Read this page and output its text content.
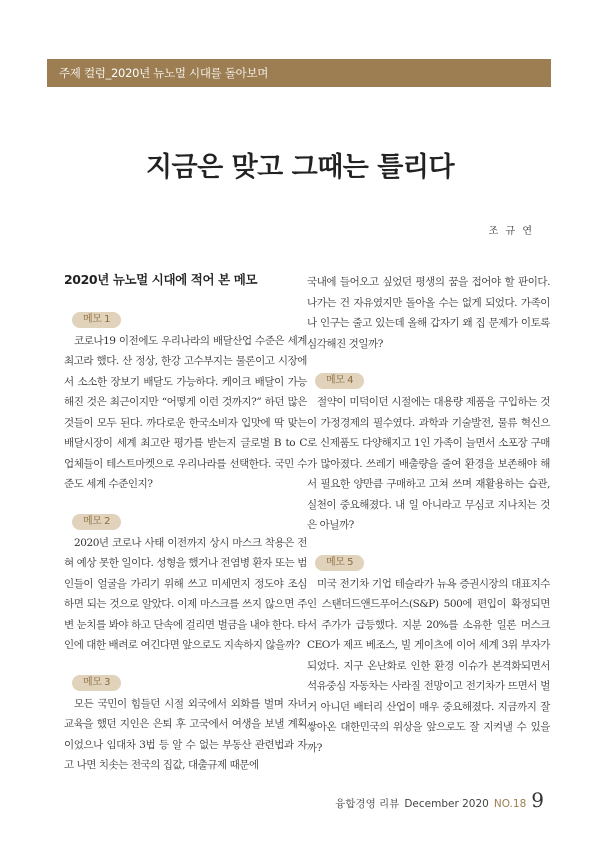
주제 컬럼_2020년 뉴노멀 시대를 돌아보며
지금은 맞고 그때는 틀리다
조 규 연
2020년 뉴노멀 시대에 적어 본 메모
메모 1

코로나19 이전에도 우리나라의 배달산업 수준은 세계 최고라 했다. 산 정상, 한강 고수부지는 물론이고 시장에서 소소한 장보기 배달도 가능하다. 케이크 배달이 가능해진 것은 최근이지만 “어떻게 이런 것까지?” 하던 많은 것들이 모두 된다. 까다로운 한국소비자 입맛에 딱 맞는 배달시장이 세계 최고란 평가를 받는지 글로벌 B to C 업체들이 테스트마켓으로 우리나라를 선택한다. 국민 수준도 세계 수준인지?

메모 2

2020년 코로나 사태 이전까지 상시 마스크 착용은 전혀 예상 못한 일이다. 성형을 했거나 전염병 환자 또는 범인들이 얼굴을 가리기 위해 쓰고 미세먼지 정도야 조심하면 되는 것으로 알았다. 이제 마스크를 쓰지 않으면 주변 눈치를 봐야 하고 단속에 걸리면 벌금을 내야 한다. 타인에 대한 배려로 여긴다면 앞으로도 지속하지 않을까?

메모 3

모든 국민이 힘들던 시절 외국에서 외화를 벌며 자녀교육을 했던 지인은 은퇴 후 고국에서 여생을 보낼 계획이었으나 임대차 3법 등 알 수 없는 부동산 관련법과 자고 나면 치솟는 전국의 집값, 대출규제 때문에

국내에 들어오고 싶었던 평생의 꿈을 접어야 할 판이다. 나가는 건 자유였지만 돌아올 수는 없게 되었다. 가족이나 인구는 줄고 있는데 올해 갑자기 왜 집 문제가 이토록 심각해진 것일까?

메모 4

절약이 미덕이던 시절에는 대용량 제품을 구입하는 것이 가정경제의 필수였다. 과학과 기술발전, 물류 혁신으로 신제품도 다양해지고 1인 가족이 늘면서 소포장 구매가 많아졌다. 쓰레기 배출량을 줄여 환경을 보존해야 해서 필요한 양만큼 구매하고 고쳐 쓰며 재활용하는 습관, 실천이 중요해졌다. 내 일 아니라고 무심코 지나치는 것은 아닐까?

메모 5

미국 전기차 기업 테슬라가 뉴욕 증권시장의 대표지수인 스탠더드앤드푸어스(S&P) 500에 편입이 확정되면서 주가가 급등했다. 지분 20%를 소유한 일론 머스크 CEO가 제프 베조스, 빌 게이츠에 이어 세계 3위 부자가 되었다. 지구 온난화로 인한 환경 이슈가 본격화되면서 석유중심 자동차는 사라질 전망이고 전기차가 뜨면서 벌거 아니던 배터리 산업이 매우 중요해졌다. 지금까지 잘 쌓아온 대한민국의 위상을 앞으로도 잘 지켜낼 수 있을까?

융합경영 리뷰 December 2020 NO.18 9
